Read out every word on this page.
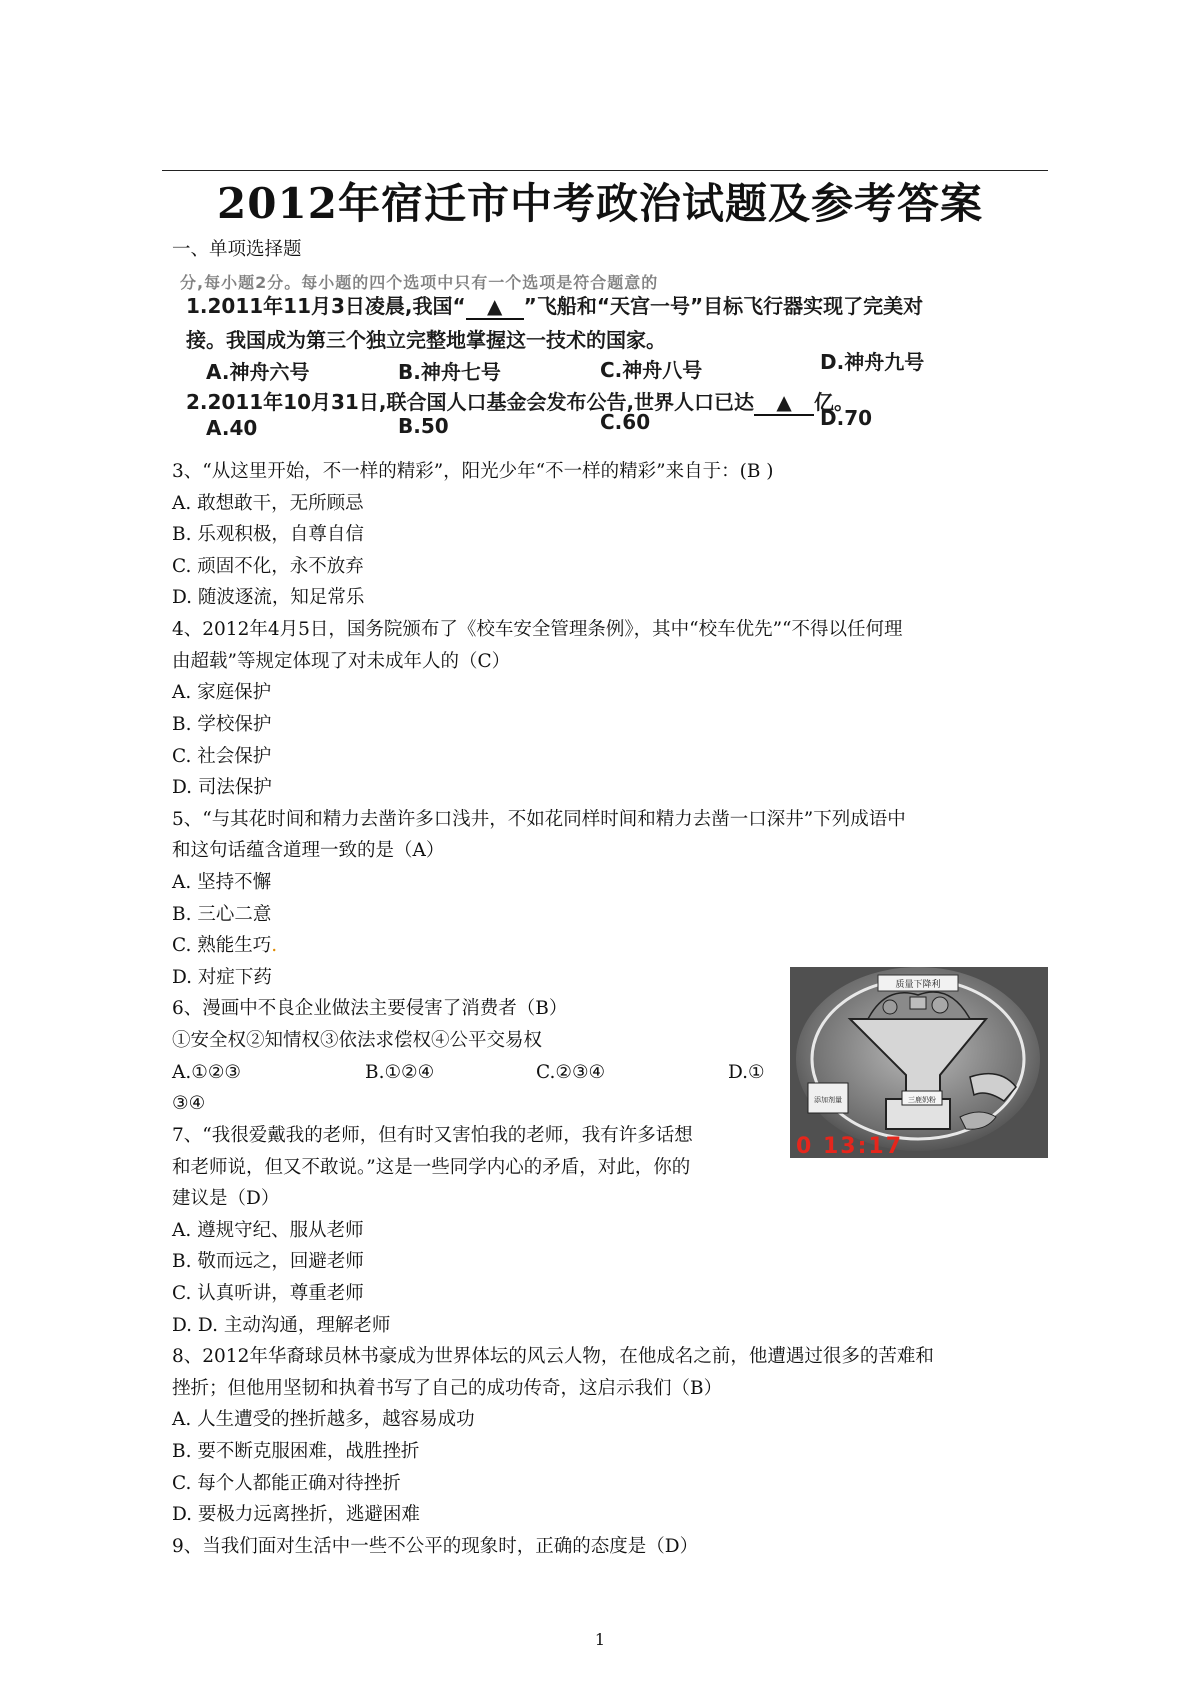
2012年宿迁市中考政治试题及参考答案
一、单项选择题
分,每小题2分。每小题的四个选项中只有一个选项是符合题意的
1.2011年11月3日凌晨,我国“ ▲ ”飞船和“天宫一号”目标飞行器实现了完美对
接。我国成为第三个独立完整地掌握这一技术的国家。
A.神舟六号	B.神舟七号	C.神舟八号	D.神舟九号
2.2011年10月31日,联合国人口基金会发布公告,世界人口已达 ▲ 亿。
A.40	B.50	C.60	D.70
3、“从这里开始，不一样的精彩”，阳光少年“不一样的精彩”来自于：(B )
A. 敢想敢干，无所顾忌
B. 乐观积极，自尊自信
C. 顽固不化，永不放弃
D. 随波逐流，知足常乐
4、2012年4月5日，国务院颁布了《校车安全管理条例》，其中“校车优先”“不得以任何理
由超载”等规定体现了对未成年人的（C）
A. 家庭保护
B. 学校保护
C. 社会保护
D. 司法保护
5、“与其花时间和精力去凿许多口浅井，不如花同样时间和精力去凿一口深井”下列成语中
和这句话蕴含道理一致的是（A）
A. 坚持不懈
B. 三心二意
C. 熟能生巧.
D. 对症下药
6、漫画中不良企业做法主要侵害了消费者（B）
①安全权②知情权③依法求偿权④公平交易权
A.①②③	B.①②④	C.②③④	D.①
③④
7、“我很爱戴我的老师，但有时又害怕我的老师，我有许多话想
和老师说，但又不敢说。”这是一些同学内心的矛盾，对此，你的
建议是（D）
A. 遵规守纪、服从老师
B. 敬而远之，回避老师
C. 认真听讲，尊重老师
D. D. 主动沟通，理解老师
8、2012年华裔球员林书豪成为世界体坛的风云人物，在他成名之前，他遭遇过很多的苦难和
挫折；但他用坚韧和执着书写了自己的成功传奇，这启示我们（B）
A. 人生遭受的挫折越多，越容易成功
B. 要不断克服困难，战胜挫折
C. 每个人都能正确对待挫折
D. 要极力远离挫折，逃避困难
9、当我们面对生活中一些不公平的现象时，正确的态度是（D）
质量下降利
三鹿奶粉
添加剂量
0 13:17
1
